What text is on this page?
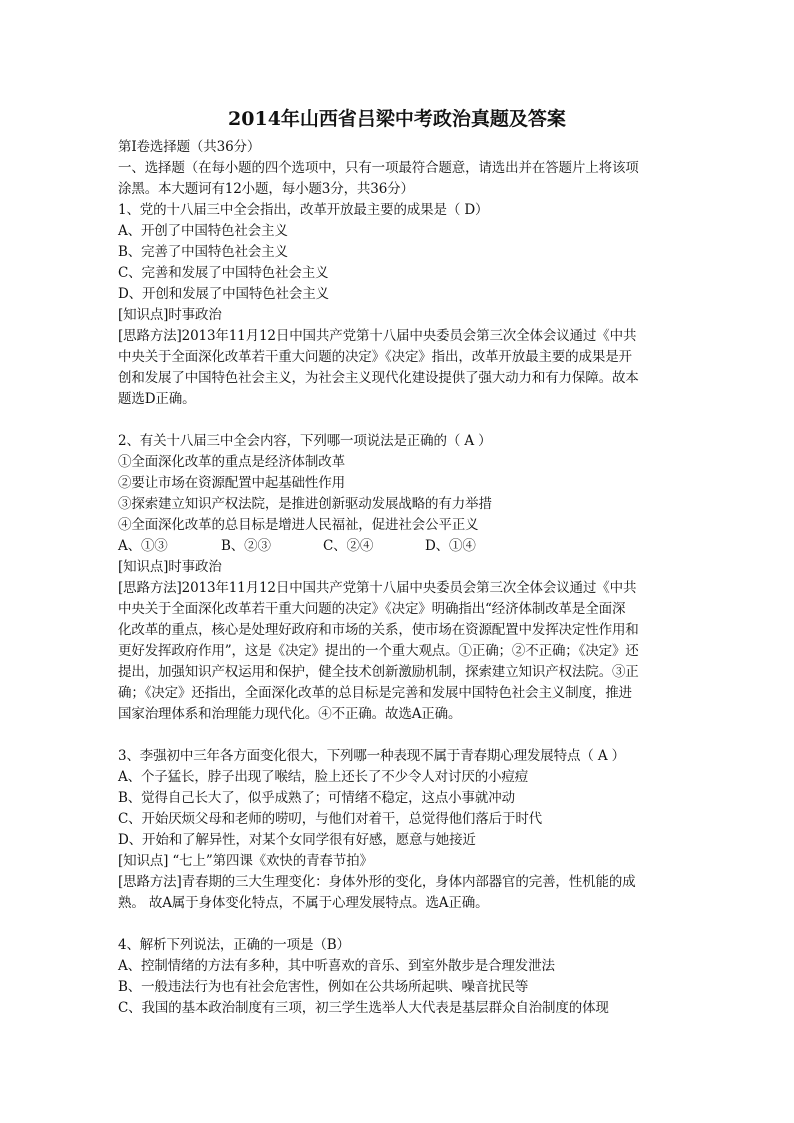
2014年山西省吕梁中考政治真题及答案
第Ⅰ卷选择题（共36分）
一、选择题（在每小题的四个选项中，只有一项最符合题意，请选出并在答题片上将该项
涂黑。本大题诃有12小题，每小题3分，共36分）
1、党的十八届三中全会指出，改革开放最主要的成果是（ D）
A、开创了中国特色社会主义
B、完善了中国特色社会主义
C、完善和发展了中国特色社会主义
D、开创和发展了中国特色社会主义
[知识点]时事政治
[思路方法]2013年11月12日中国共产党第十八届中央委员会第三次全体会议通过《中共
中央关于全面深化改革若干重大问题的决定》《决定》指出，改革开放最主要的成果是开
创和发展了中国特色社会主义，为社会主义现代化建设提供了强大动力和有力保障。故本
题选D正确。
2、有关十八届三中全会内容，下列哪一项说法是正确的（ A ）
①全面深化改革的重点是经济体制改革
②要让市场在资源配置中起基础性作用
③探索建立知识产权法院，是推进创新驱动发展战略的有力举措
④全面深化改革的总目标是增进人民福祉，促进社会公平正义
A、①③	B、②③	C、②④	D、①④
[知识点]时事政治
[思路方法]2013年11月12日中国共产党第十八届中央委员会第三次全体会议通过《中共
中央关于全面深化改革若干重大问题的决定》《决定》明确指出“经济体制改革是全面深
化改革的重点，核心是处理好政府和市场的关系，使市场在资源配置中发挥决定性作用和
更好发挥政府作用”，这是《决定》提出的一个重大观点。①正确；②不正确；《决定》还
提出，加强知识产权运用和保护，健全技术创新激励机制，探索建立知识产权法院。③正
确；《决定》还指出，全面深化改革的总目标是完善和发展中国特色社会主义制度，推进
国家治理体系和治理能力现代化。④不正确。故选A正确。
3、李强初中三年各方面变化很大，下列哪一种表现不属于青春期心理发展特点（ A ）
A、个子猛长，脖子出现了喉结，脸上还长了不少令人对讨厌的小痘痘
B、觉得自己长大了，似乎成熟了；可情绪不稳定，这点小事就冲动
C、开始厌烦父母和老师的唠叨，与他们对着干，总觉得他们落后于时代
D、开始和了解异性，对某个女同学很有好感，愿意与她接近
[知识点] “七上”第四课《欢快的青春节拍》
[思路方法]青春期的三大生理变化：身体外形的变化，身体内部器官的完善，性机能的成
熟。 故A属于身体变化特点，不属于心理发展特点。选A正确。
4、解析下列说法，正确的一项是（B）
A、控制情绪的方法有多种，其中听喜欢的音乐、到室外散步是合理发泄法
B、一般违法行为也有社会危害性，例如在公共场所起哄、噪音扰民等
C、我国的基本政治制度有三项，初三学生选举人大代表是基层群众自治制度的体现
